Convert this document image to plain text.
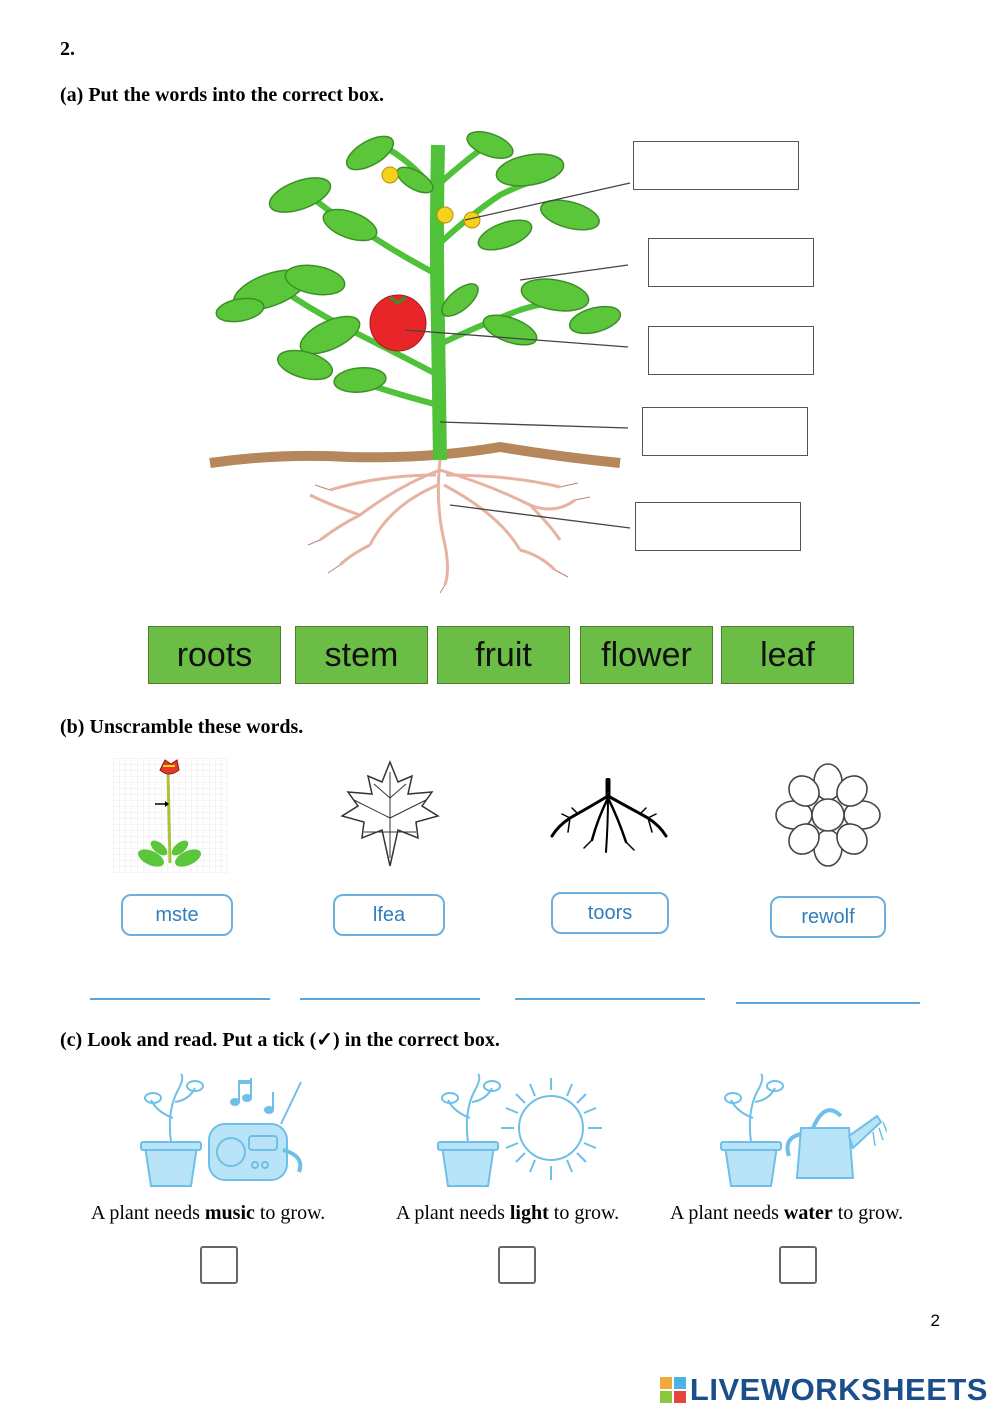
2.
(a) Put the words into the correct box.
roots	stem	fruit	flower	leaf
(b) Unscramble these words.
mste	lfea	toors	rewolf
(c) Look and read. Put a tick (✓) in the correct box.
A plant needs music to grow.	A plant needs light to grow.	A plant needs water to grow.
2
LIVEWORKSHEETS
